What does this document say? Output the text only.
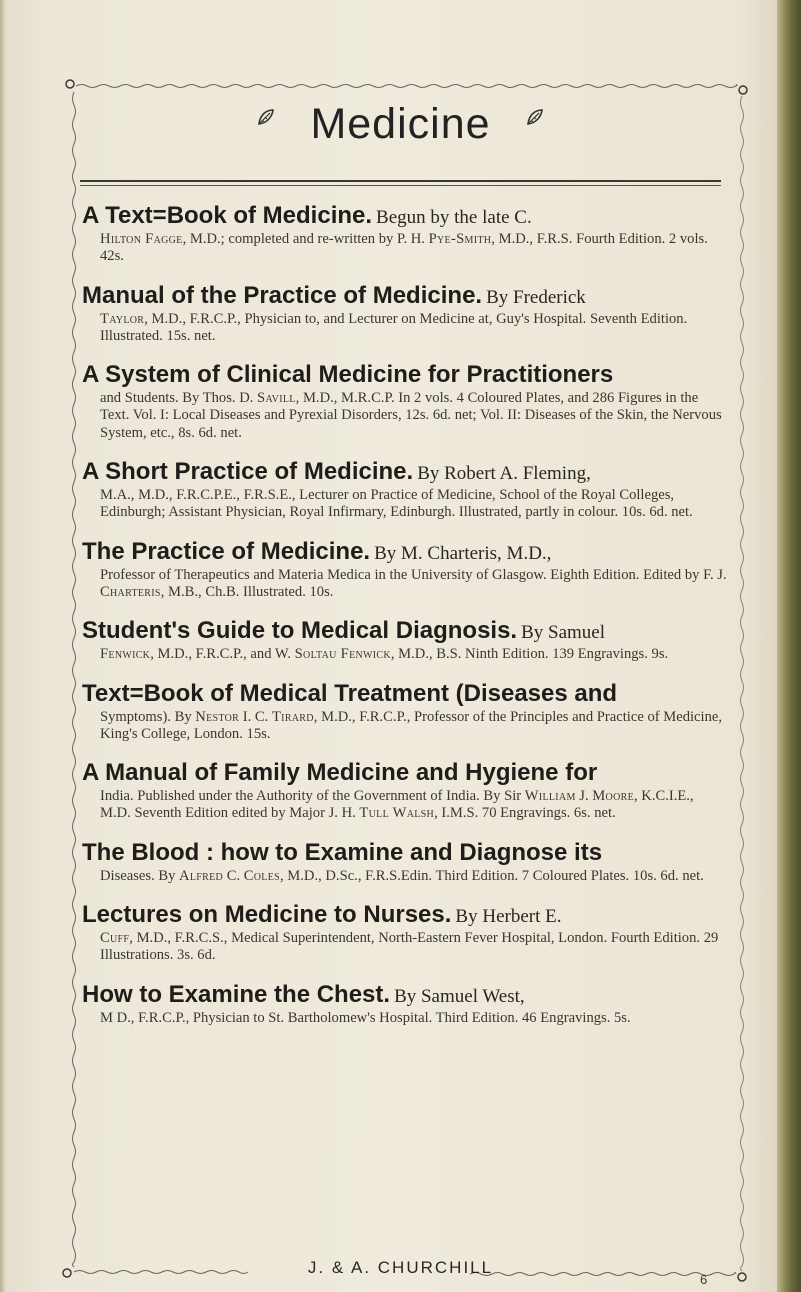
Medicine
A Text=Book of Medicine. Begun by the late C.
Hilton Fagge, M.D.; completed and re-written by P. H. Pye-Smith, M.D., F.R.S. Fourth Edition. 2 vols. 42s.
Manual of the Practice of Medicine. By Frederick
Taylor, M.D., F.R.C.P., Physician to, and Lecturer on Medicine at, Guy's Hospital. Seventh Edition. Illustrated. 15s. net.
A System of Clinical Medicine for Practitioners
and Students. By Thos. D. Savill, M.D., M.R.C.P. In 2 vols. 4 Coloured Plates, and 286 Figures in the Text. Vol. I: Local Diseases and Pyrexial Disorders, 12s. 6d. net; Vol. II: Diseases of the Skin, the Nervous System, etc., 8s. 6d. net.
A Short Practice of Medicine. By Robert A. Fleming,
M.A., M.D., F.R.C.P.E., F.R.S.E., Lecturer on Practice of Medicine, School of the Royal Colleges, Edinburgh; Assistant Physician, Royal Infirmary, Edinburgh. Illustrated, partly in colour. 10s. 6d. net.
The Practice of Medicine. By M. Charteris, M.D.,
Professor of Therapeutics and Materia Medica in the University of Glasgow. Eighth Edition. Edited by F. J. Charteris, M.B., Ch.B. Illustrated. 10s.
Student's Guide to Medical Diagnosis. By Samuel
Fenwick, M.D., F.R.C.P., and W. Soltau Fenwick, M.D., B.S. Ninth Edition. 139 Engravings. 9s.
Text=Book of Medical Treatment (Diseases and
Symptoms). By Nestor I. C. Tirard, M.D., F.R.C.P., Professor of the Principles and Practice of Medicine, King's College, London. 15s.
A Manual of Family Medicine and Hygiene for
India. Published under the Authority of the Government of India. By Sir William J. Moore, K.C.I.E., M.D. Seventh Edition edited by Major J. H. Tull Walsh, I.M.S. 70 Engravings. 6s. net.
The Blood : how to Examine and Diagnose its
Diseases. By Alfred C. Coles, M.D., D.Sc., F.R.S.Edin. Third Edition. 7 Coloured Plates. 10s. 6d. net.
Lectures on Medicine to Nurses. By Herbert E.
Cuff, M.D., F.R.C.S., Medical Superintendent, North-Eastern Fever Hospital, London. Fourth Edition. 29 Illustrations. 3s. 6d.
How to Examine the Chest. By Samuel West,
M D., F.R.C.P., Physician to St. Bartholomew's Hospital. Third Edition. 46 Engravings. 5s.
J. & A. CHURCHILL
6
